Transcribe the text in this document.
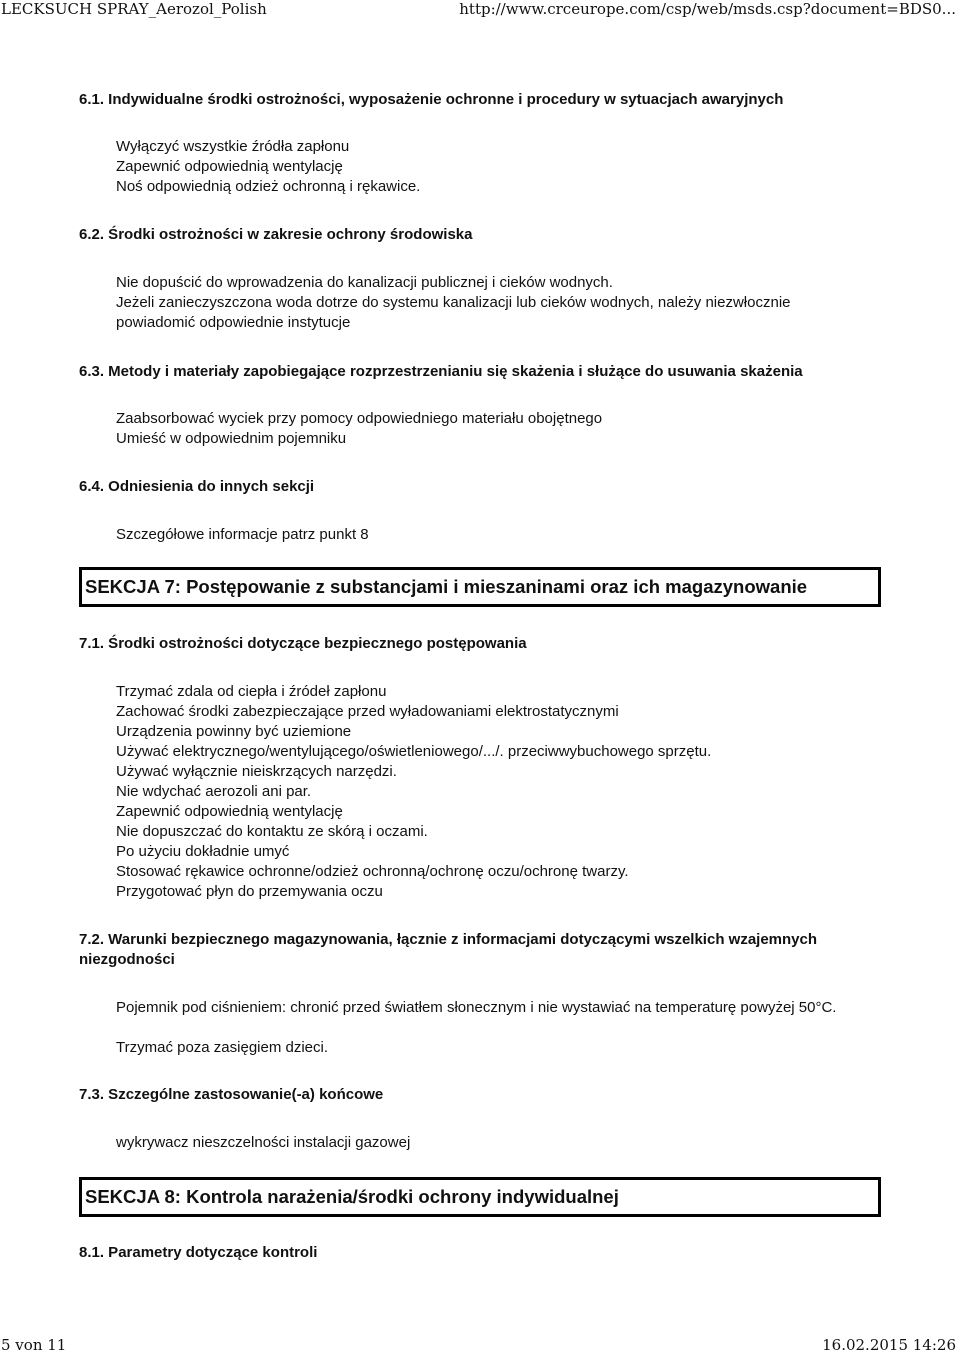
LECKSUCH SPRAY_Aerozol_Polish	http://www.crceurope.com/csp/web/msds.csp?document=BDS0...
6.1. Indywidualne środki ostrożności, wyposażenie ochronne i procedury w sytuacjach awaryjnych
Wyłączyć wszystkie źródła zapłonu
Zapewnić odpowiednią wentylację
Noś odpowiednią odzież ochronną i rękawice.
6.2. Środki ostrożności w zakresie ochrony środowiska
Nie dopuścić do wprowadzenia do kanalizacji publicznej i cieków wodnych.
Jeżeli zanieczyszczona woda dotrze do systemu kanalizacji lub cieków wodnych, należy niezwłocznie powiadomić odpowiednie instytucje
6.3. Metody i materiały zapobiegające rozprzestrzenianiu się skażenia i służące do usuwania skażenia
Zaabsorbować wyciek przy pomocy odpowiedniego materiału obojętnego
Umieść w odpowiednim pojemniku
6.4. Odniesienia do innych sekcji
Szczegółowe informacje patrz punkt 8
SEKCJA 7: Postępowanie z substancjami i mieszaninami oraz ich magazynowanie
7.1. Środki ostrożności dotyczące bezpiecznego postępowania
Trzymać zdala od ciepła i źródeł zapłonu
Zachować środki zabezpieczające przed wyładowaniami elektrostatycznymi
Urządzenia powinny być uziemione
Używać elektrycznego/wentylującego/oświetleniowego/.../. przeciwwybuchowego sprzętu.
Używać wyłącznie nieiskrzących narzędzi.
Nie wdychać aerozoli ani par.
Zapewnić odpowiednią wentylację
Nie dopuszczać do kontaktu ze skórą i oczami.
Po użyciu dokładnie umyć
Stosować rękawice ochronne/odzież ochronną/ochronę oczu/ochronę twarzy.
Przygotować płyn do przemywania oczu
7.2. Warunki bezpiecznego magazynowania, łącznie z informacjami dotyczącymi wszelkich wzajemnych niezgodności
Pojemnik pod ciśnieniem: chronić przed światłem słonecznym i nie wystawiać na temperaturę powyżej 50°C.
Trzymać poza zasięgiem dzieci.
7.3. Szczególne zastosowanie(-a) końcowe
wykrywacz nieszczelności instalacji gazowej
SEKCJA 8: Kontrola narażenia/środki ochrony indywidualnej
8.1. Parametry dotyczące kontroli
5 von 11	16.02.2015 14:26
